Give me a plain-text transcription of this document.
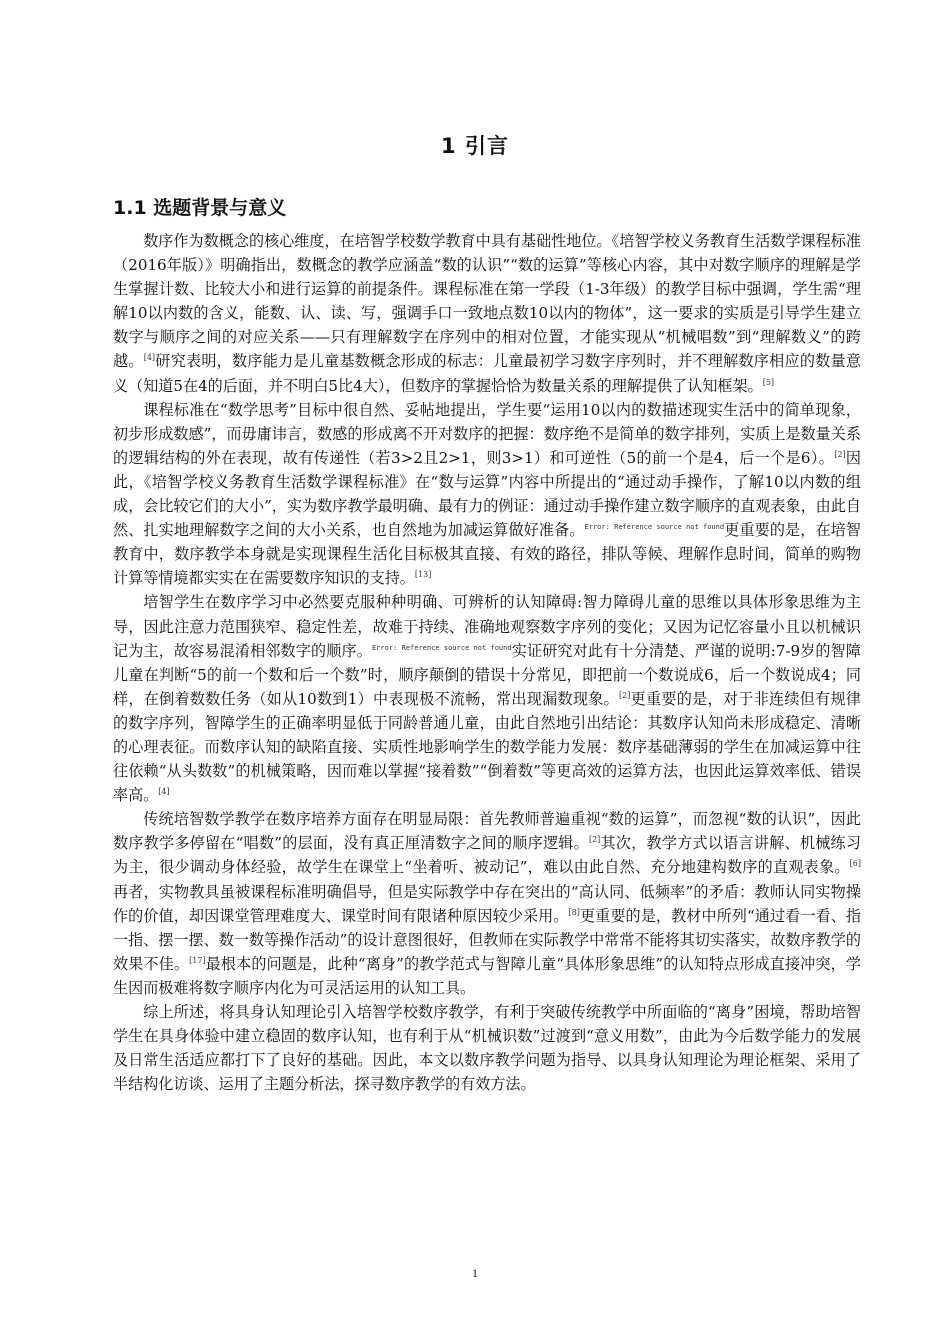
1 引言
1.1 选题背景与意义

数序作为数概念的核心维度，在培智学校数学教育中具有基础性地位。《培智学校义务教育生活数学课程标准（2016年版）》明确指出，数概念的教学应涵盖“数的认识”“数的运算”等核心内容，其中对数字顺序的理解是学生掌握计数、比较大小和进行运算的前提条件。课程标准在第一学段（1-3年级）的教学目标中强调，学生需“理解10以内数的含义，能数、认、读、写，强调手口一致地点数10以内的物体”，这一要求的实质是引导学生建立数字与顺序之间的对应关系——只有理解数字在序列中的相对位置，才能实现从“机械唱数”到“理解数义”的跨越。[4]研究表明，数序能力是儿童基数概念形成的标志：儿童最初学习数字序列时，并不理解数序相应的数量意义（知道5在4的后面，并不明白5比4大），但数序的掌握恰恰为数量关系的理解提供了认知框架。[5]

课程标准在“数学思考”目标中很自然、妥帖地提出，学生要“运用10以内的数描述现实生活中的简单现象，初步形成数感”，而毋庸讳言，数感的形成离不开对数序的把握：数序绝不是简单的数字排列，实质上是数量关系的逻辑结构的外在表现，故有传递性（若3>2且2>1，则3>1）和可逆性（5的前一个是4，后一个是6）。[2]因此，《培智学校义务教育生活数学课程标准》在“数与运算”内容中所提出的“通过动手操作，了解10以内数的组成，会比较它们的大小”，实为数序教学最明确、最有力的例证：通过动手操作建立数字顺序的直观表象，由此自然、扎实地理解数字之间的大小关系，也自然地为加减运算做好准备。$^{Error: Reference source not found}$更重要的是，在培智教育中，数序教学本身就是实现课程生活化目标极其直接、有效的路径，排队等候、理解作息时间，简单的购物计算等情境都实实在在需要数序知识的支持。[13]

培智学生在数序学习中必然要克服种种明确、可辨析的认知障碍:智力障碍儿童的思维以具体形象思维为主导，因此注意力范围狭窄、稳定性差，故难于持续、准确地观察数字序列的变化；又因为记忆容量小且以机械识记为主，故容易混淆相邻数字的顺序。$^{Error: Reference source not found}$实证研究对此有十分清楚、严谨的说明:7-9岁的智障儿童在判断“5的前一个数和后一个数”时，顺序颠倒的错误十分常见，即把前一个数说成6，后一个数说成4；同样，在倒着数数任务（如从10数到1）中表现极不流畅，常出现漏数现象。[2]更重要的是，对于非连续但有规律的数字序列，智障学生的正确率明显低于同龄普通儿童，由此自然地引出结论：其数序认知尚未形成稳定、清晰的心理表征。而数序认知的缺陷直接、实质性地影响学生的数学能力发展：数序基础薄弱的学生在加减运算中往往依赖“从头数数”的机械策略，因而难以掌握“接着数”“倒着数”等更高效的运算方法，也因此运算效率低、错误率高。[4]

传统培智数学教学在数序培养方面存在明显局限：首先教师普遍重视“数的运算”，而忽视“数的认识”，因此数序教学多停留在“唱数”的层面，没有真正厘清数字之间的顺序逻辑。[2]其次，教学方式以语言讲解、机械练习为主，很少调动身体经验，故学生在课堂上“坐着听、被动记”，难以由此自然、充分地建构数序的直观表象。[6]再者，实物教具虽被课程标准明确倡导，但是实际教学中存在突出的“高认同、低频率”的矛盾：教师认同实物操作的价值，却因课堂管理难度大、课堂时间有限诸种原因较少采用。[8]更重要的是，教材中所列“通过看一看、指一指、摆一摆、数一数等操作活动”的设计意图很好，但教师在实际教学中常常不能将其切实落实，故数序教学的效果不佳。[17]最根本的问题是，此种“离身”的教学范式与智障儿童“具体形象思维”的认知特点形成直接冲突，学生因而极难将数字顺序内化为可灵活运用的认知工具。

综上所述，将具身认知理论引入培智学校数序教学，有利于突破传统教学中所面临的“离身”困境，帮助培智学生在具身体验中建立稳固的数序认知，也有利于从“机械识数”过渡到“意义用数”，由此为今后数学能力的发展及日常生活适应都打下了良好的基础。因此，本文以数序教学问题为指导、以具身认知理论为理论框架、采用了半结构化访谈、运用了主题分析法，探寻数序教学的有效方法。

1
